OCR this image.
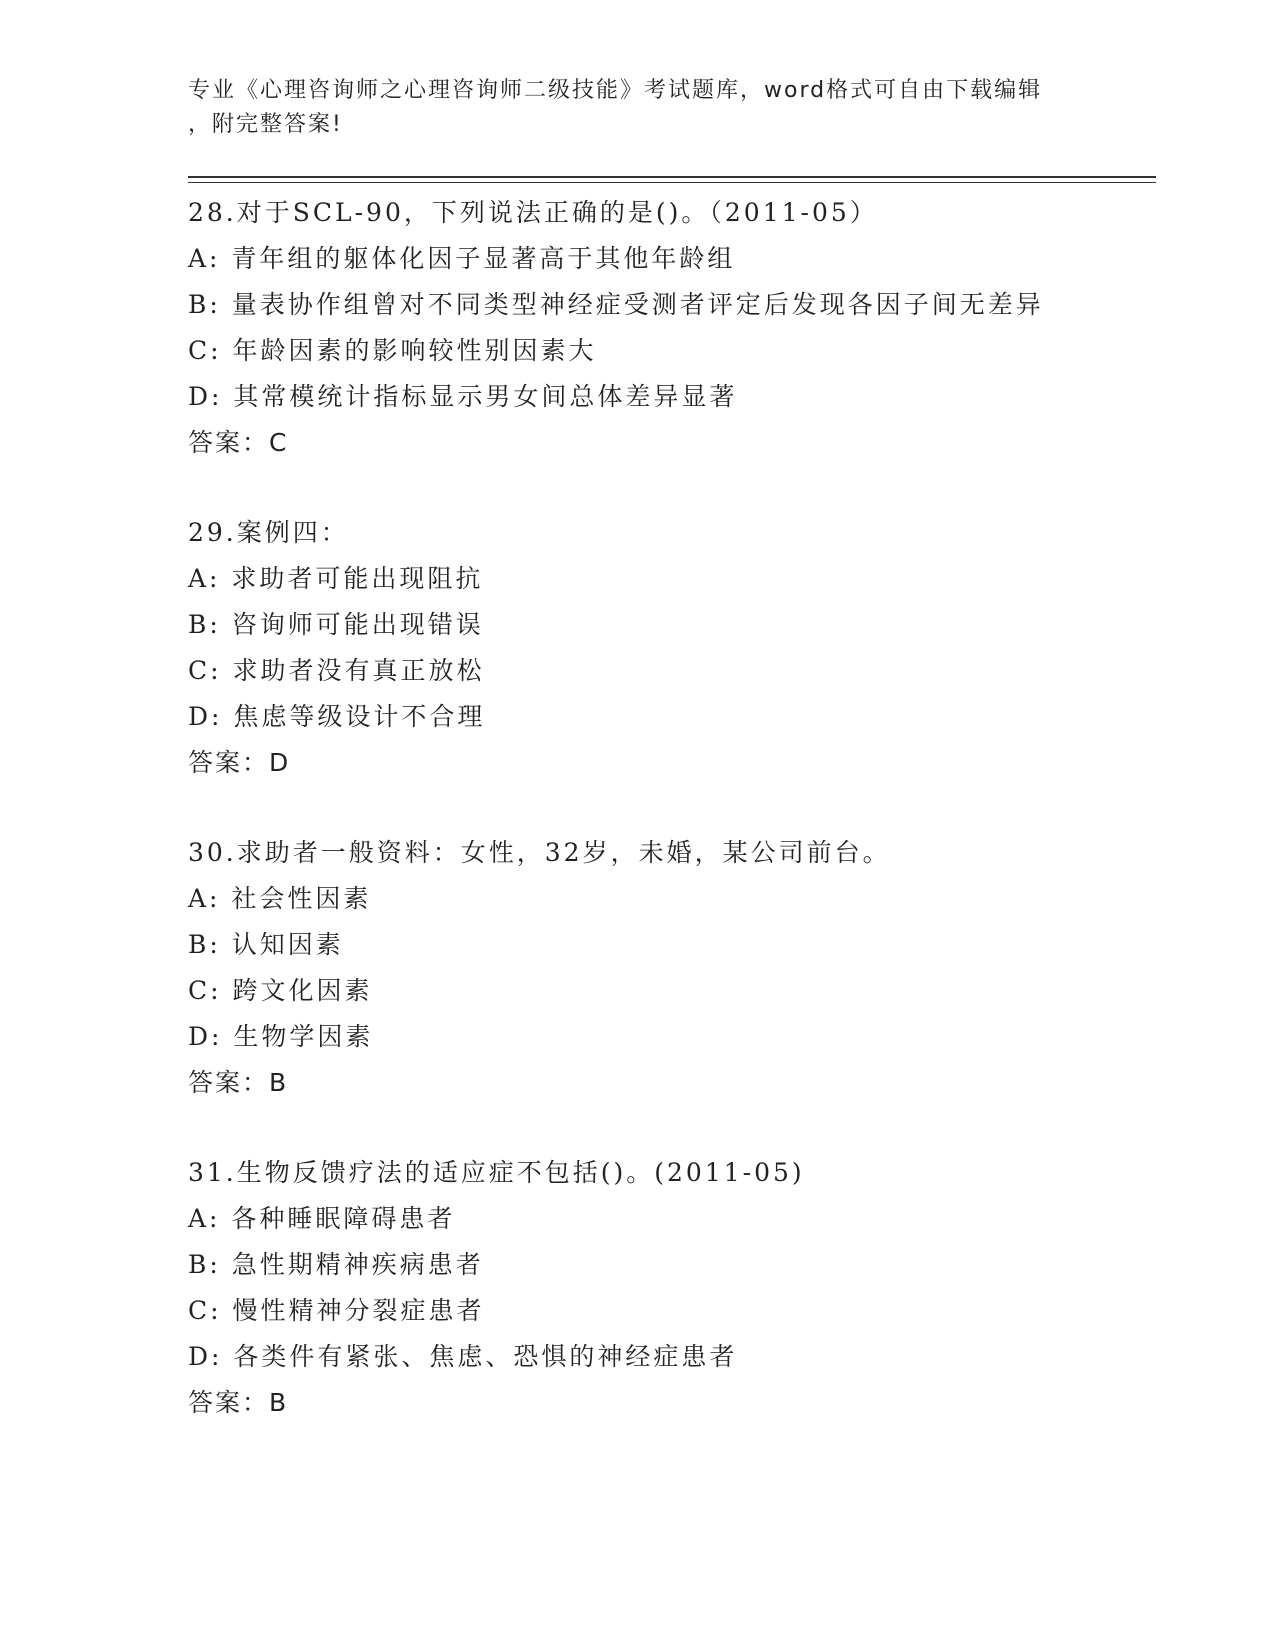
专业《心理咨询师之心理咨询师二级技能》考试题库，word格式可自由下载编辑
，附完整答案!
28.对于SCL-90，下列说法正确的是()。（2011-05）
A: 青年组的躯体化因子显著高于其他年龄组
B: 量表协作组曾对不同类型神经症受测者评定后发现各因子间无差异
C: 年龄因素的影响较性别因素大
D: 其常模统计指标显示男女间总体差异显著
答案：C
29.案例四：
A: 求助者可能出现阻抗
B: 咨询师可能出现错误
C: 求助者没有真正放松
D: 焦虑等级设计不合理
答案：D
30.求助者一般资料：女性，32岁，未婚，某公司前台。
A: 社会性因素
B: 认知因素
C: 跨文化因素
D: 生物学因素
答案：B
31.生物反馈疗法的适应症不包括()。(2011-05)
A: 各种睡眠障碍患者
B: 急性期精神疾病患者
C: 慢性精神分裂症患者
D: 各类件有紧张、焦虑、恐惧的神经症患者
答案：B
